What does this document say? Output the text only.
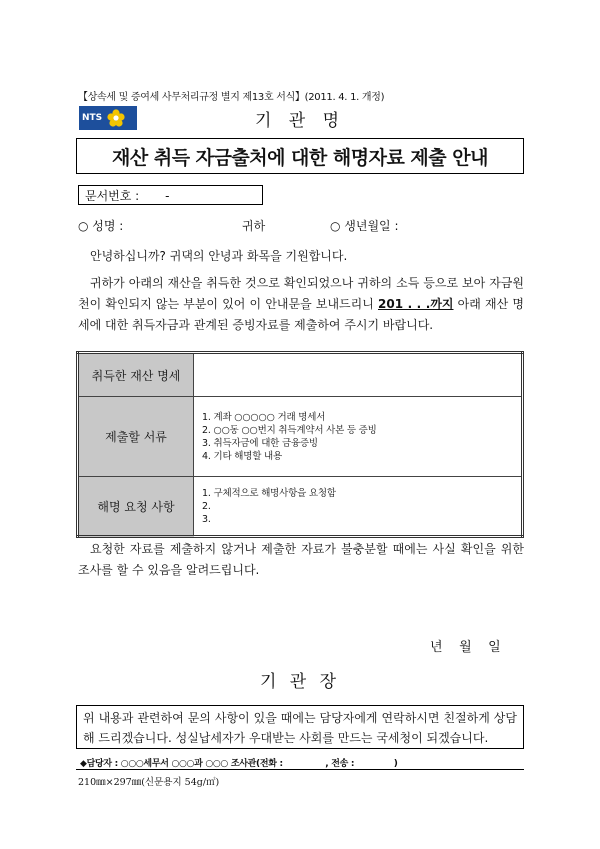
【상속세 및 증여세 사무처리규정 별지 제13호 서식】(2011. 4. 1. 개정)
NTS	기 관 명
재산 취득 자금출처에 대한 해명자료 제출 안내
문서번호 : -
○ 성명 :	귀하	○ 생년월일 :
안녕하십니까? 귀댁의 안녕과 화목을 기원합니다.
귀하가 아래의 재산을 취득한 것으로 확인되었으나 귀하의 소득 등으로 보아 자금원천이 확인되지 않는 부분이 있어 이 안내문을 보내드리니 201 . . .까지 아래 재산 명세에 대한 취득자금과 관계된 증빙자료를 제출하여 주시기 바랍니다.
취득한 재산 명세	
제출할 서류	1. 계좌 ○○○○○ 거래 명세서
2. ○○동 ○○번지 취득계약서 사본 등 증빙
3. 취득자금에 대한 금융증빙
4. 기타 해명할 내용

해명 요청 사항	1. 구체적으로 해명사항을 요청함
2.
3.
요청한 자료를 제출하지 않거나 제출한 자료가 불충분할 때에는 사실 확인을 위한 조사를 할 수 있음을 알려드립니다.
년    월    일
기 관 장
위 내용과 관련하여 문의 사항이 있을 때에는 담당자에게 연락하시면 친절하게 상담해 드리겠습니다. 성실납세자가 우대받는 사회를 만드는 국세청이 되겠습니다.
◆담당자 : ○○○세무서 ○○○과 ○○○ 조사관(전화 :               , 전송 :              )
210㎜×297㎜(신문용지 54g/㎡)
